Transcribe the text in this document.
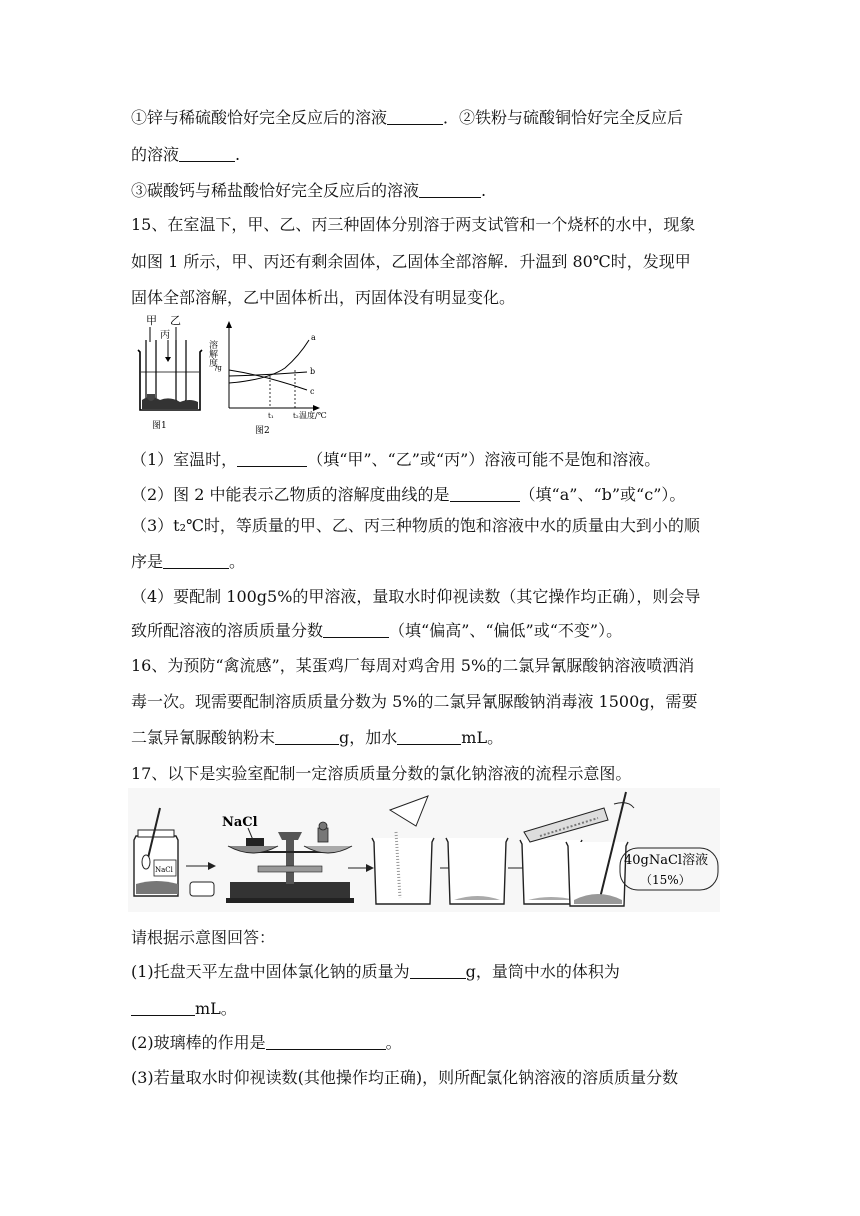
①锌与稀硫酸恰好完全反应后的溶液	．②铁粉与硫酸铜恰好完全反应后
的溶液	.
③碳酸钙与稀盐酸恰好完全反应后的溶液	.
15、在室温下，甲、乙、丙三种固体分别溶于两支试管和一个烧杯的水中，现象
如图 1 所示，甲、丙还有剩余固体，乙固体全部溶解．升温到 80℃时，发现甲
固体全部溶解，乙中固体析出，丙固体没有明显变化。
甲 乙
丙
图1
溶解度
/g
a
b
c
t₁	t₂ 温度/℃
图2
（1）室温时，	（填“甲”、“乙”或“丙”）溶液可能不是饱和溶液。
（2）图 2 中能表示乙物质的溶解度曲线的是	（填“a”、“b”或“c”）。
（3）t₂℃时，等质量的甲、乙、丙三种物质的饱和溶液中水的质量由大到小的顺
序是	。
（4）要配制 100g5%的甲溶液，量取水时仰视读数（其它操作均正确），则会导
致所配溶液的溶质质量分数	（填“偏高”、“偏低”或“不变”）。
16、为预防“禽流感”，某蛋鸡厂每周对鸡舍用 5%的二氯异氰脲酸钠溶液喷洒消
毒一次。现需要配制溶质质量分数为 5%的二氯异氰脲酸钠消毒液 1500g，需要
二氯异氰脲酸钠粉末	g，加水	mL。
17、以下是实验室配制一定溶质质量分数的氯化钠溶液的流程示意图。
NaCl
NaCl
40gNaCl溶液
（15%）
请根据示意图回答：
(1)托盘天平左盘中固体氯化钠的质量为	g，量筒中水的体积为
mL。
(2)玻璃棒的作用是	。
(3)若量取水时仰视读数(其他操作均正确)，则所配氯化钠溶液的溶质质量分数
